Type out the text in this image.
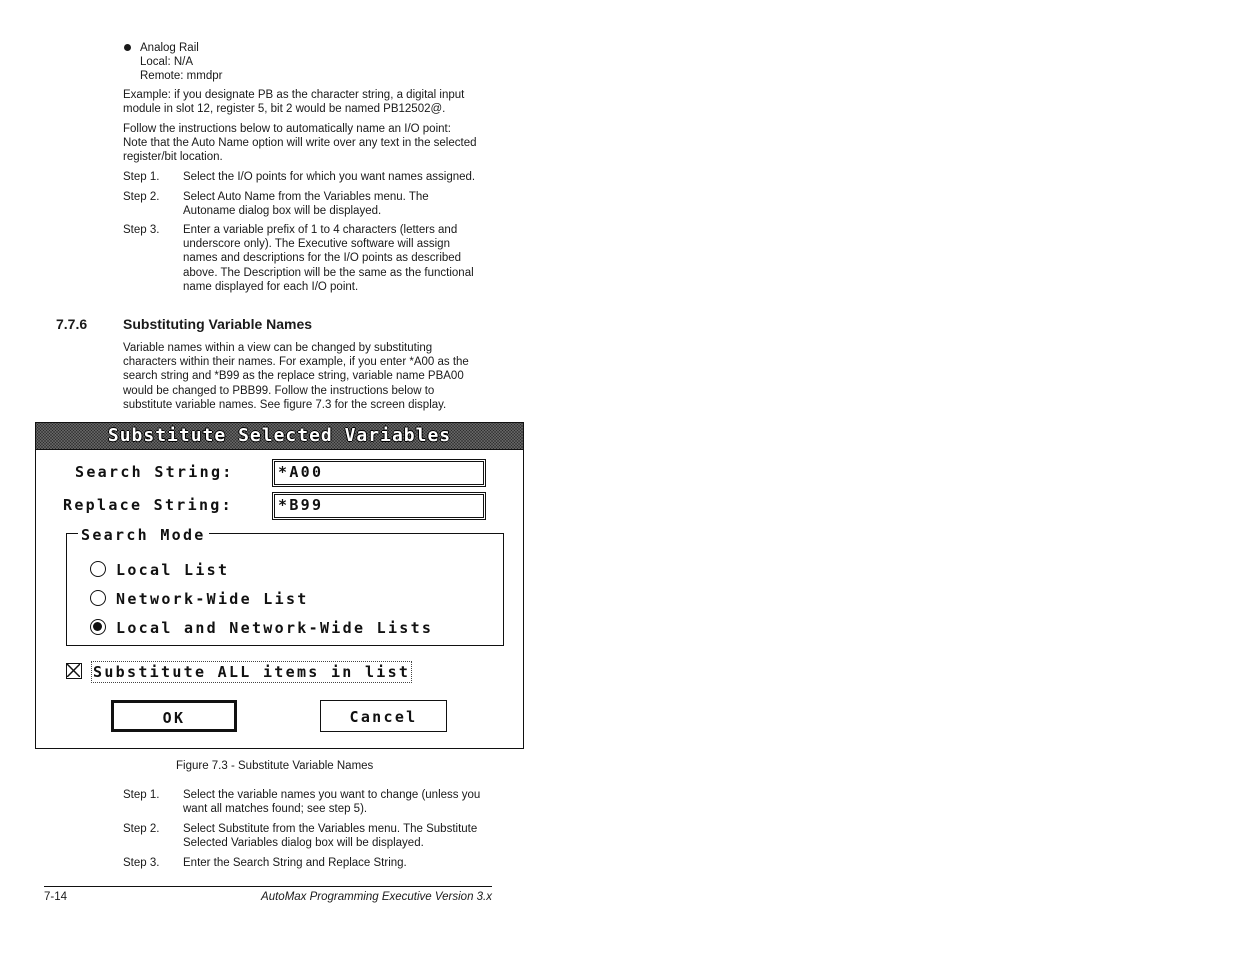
Analog Rail
Local: N/A
Remote: mmdpr
Example: if you designate PB as the character string, a digital input
module in slot 12, register 5, bit 2 would be named PB12502@.
Follow the instructions below to automatically name an I/O point:
Note that the Auto Name option will write over any text in the selected
register/bit location.
Step 1. Select the I/O points for which you want names assigned.
Step 2. Select Auto Name from the Variables menu. The
Autoname dialog box will be displayed.
Step 3. Enter a variable prefix of 1 to 4 characters (letters and
underscore only). The Executive software will assign
names and descriptions for the I/O points as described
above. The Description will be the same as the functional
name displayed for each I/O point.
7.7.6	Substituting Variable Names
Variable names within a view can be changed by substituting
characters within their names. For example, if you enter *A00 as the
search string and *B99 as the replace string, variable name PBA00
would be changed to PBB99. Follow the instructions below to
substitute variable names. See figure 7.3 for the screen display.
Substitute Selected Variables
Search String:	*A00
Replace String:	*B99
Search Mode
Local List
Network-Wide List
Local and Network-Wide Lists
Substitute ALL items in list
OK	Cancel
Figure 7.3 - Substitute Variable Names
Step 1. Select the variable names you want to change (unless you
want all matches found; see step 5).
Step 2. Select Substitute from the Variables menu. The Substitute
Selected Variables dialog box will be displayed.
Step 3. Enter the Search String and Replace String.
7-14	AutoMax Programming Executive Version 3.x
